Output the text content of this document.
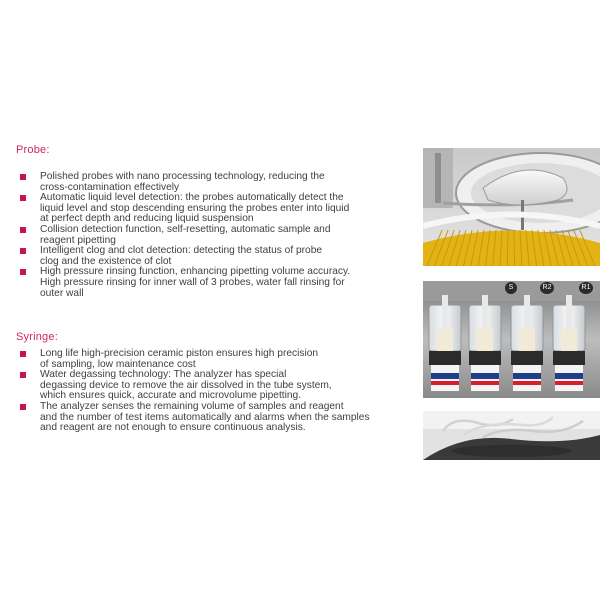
Probe:
Polished probes with nano processing technology, reducing the
cross-contamination effectively
Automatic liquid level detection: the probes automatically detect the
liquid level and stop descending ensuring the probes enter into liquid
at perfect depth and reducing liquid suspension
Collision detection function, self-resetting, automatic sample and
reagent pipetting
Intelligent clog and clot detection: detecting the status of probe
clog and the existence of clot
High pressure rinsing function, enhancing pipetting volume accuracy.
High pressure rinsing for inner wall of 3 probes, water fall rinsing for
outer wall
Syringe:
Long life high-precision ceramic piston ensures high precision
of sampling, low maintenance cost
Water degassing technology: The analyzer has special
degassing device to remove the air dissolved in the tube system,
which ensures quick, accurate and microvolume pipetting.
The analyzer senses the remaining volume of samples and reagent
and the number of test items automatically and alarms when the samples
and reagent are not enough to ensure continuous analysis.
S	R2	R1
